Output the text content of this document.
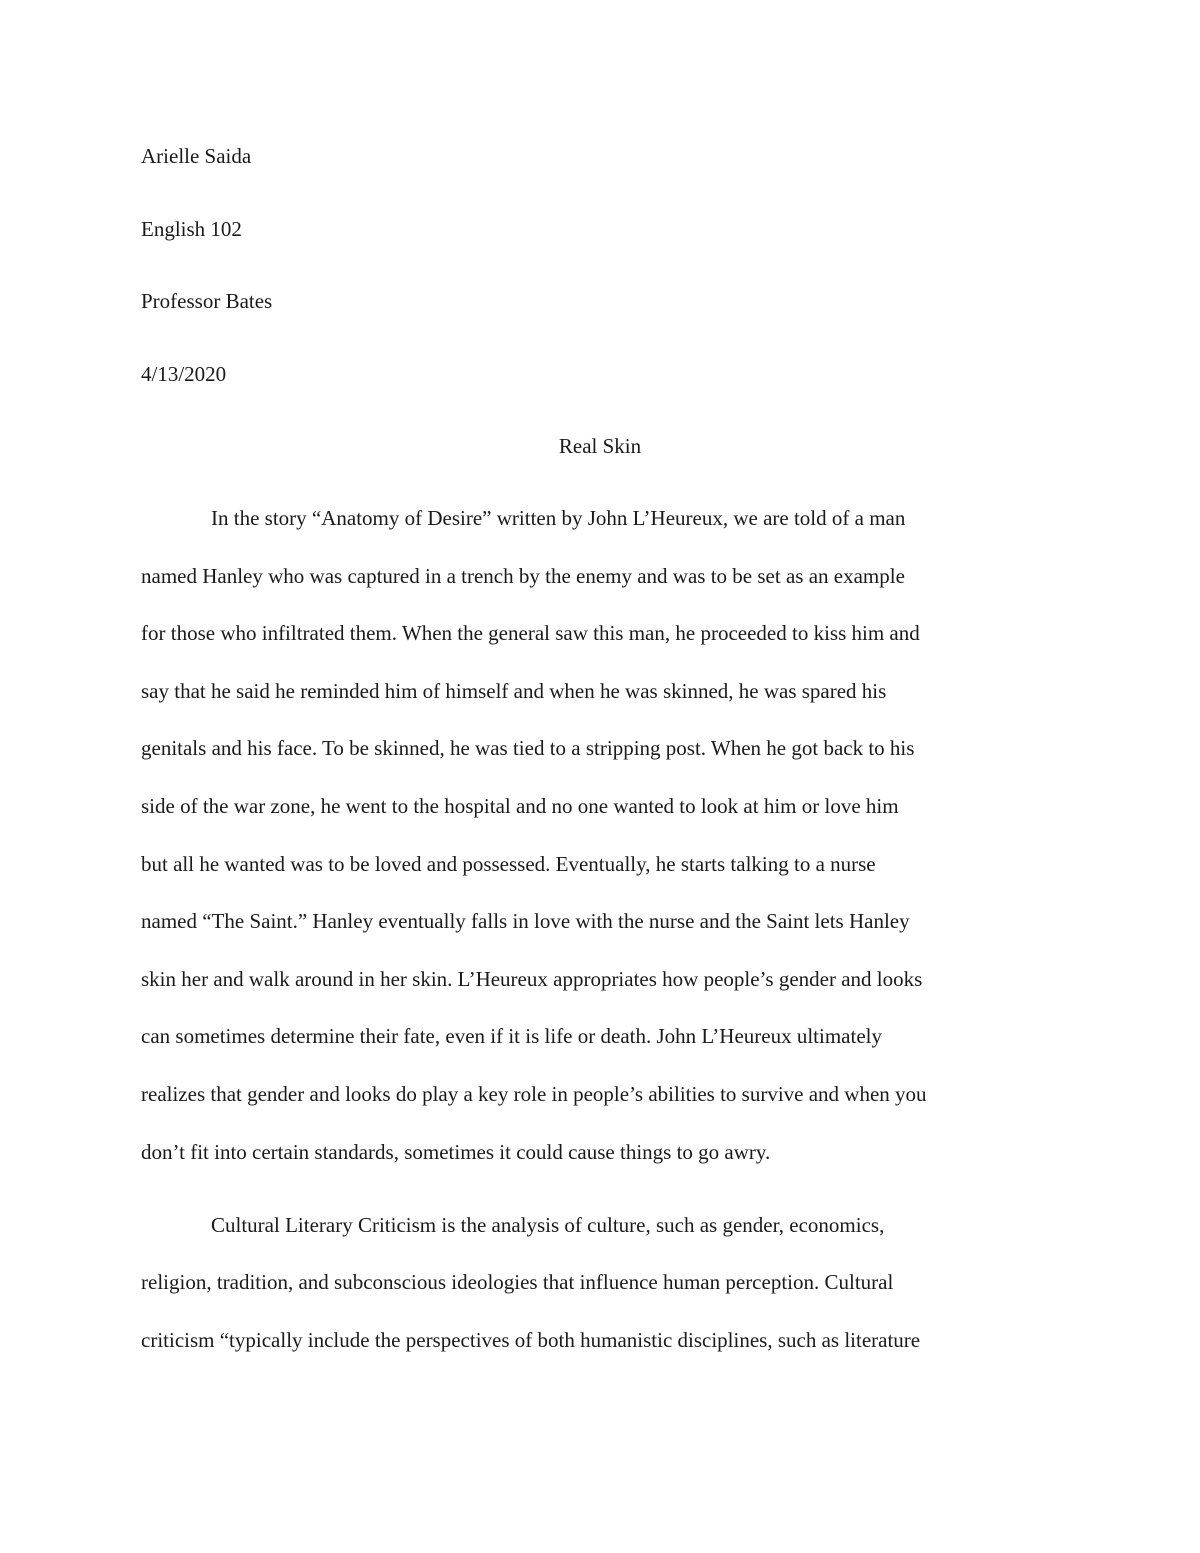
Arielle Saida
English 102
Professor Bates
4/13/2020
Real Skin
In the story “Anatomy of Desire” written by John L’Heureux, we are told of a man
named Hanley who was captured in a trench by the enemy and was to be set as an example
for those who infiltrated them. When the general saw this man, he proceeded to kiss him and
say that he said he reminded him of himself and when he was skinned, he was spared his
genitals and his face. To be skinned, he was tied to a stripping post. When he got back to his
side of the war zone, he went to the hospital and no one wanted to look at him or love him
but all he wanted was to be loved and possessed. Eventually, he starts talking to a nurse
named “The Saint.” Hanley eventually falls in love with the nurse and the Saint lets Hanley
skin her and walk around in her skin. L’Heureux appropriates how people’s gender and looks
can sometimes determine their fate, even if it is life or death. John L’Heureux ultimately
realizes that gender and looks do play a key role in people’s abilities to survive and when you
don’t fit into certain standards, sometimes it could cause things to go awry.
Cultural Literary Criticism is the analysis of culture, such as gender, economics,
religion, tradition, and subconscious ideologies that influence human perception. Cultural
criticism “typically include the perspectives of both humanistic disciplines, such as literature
